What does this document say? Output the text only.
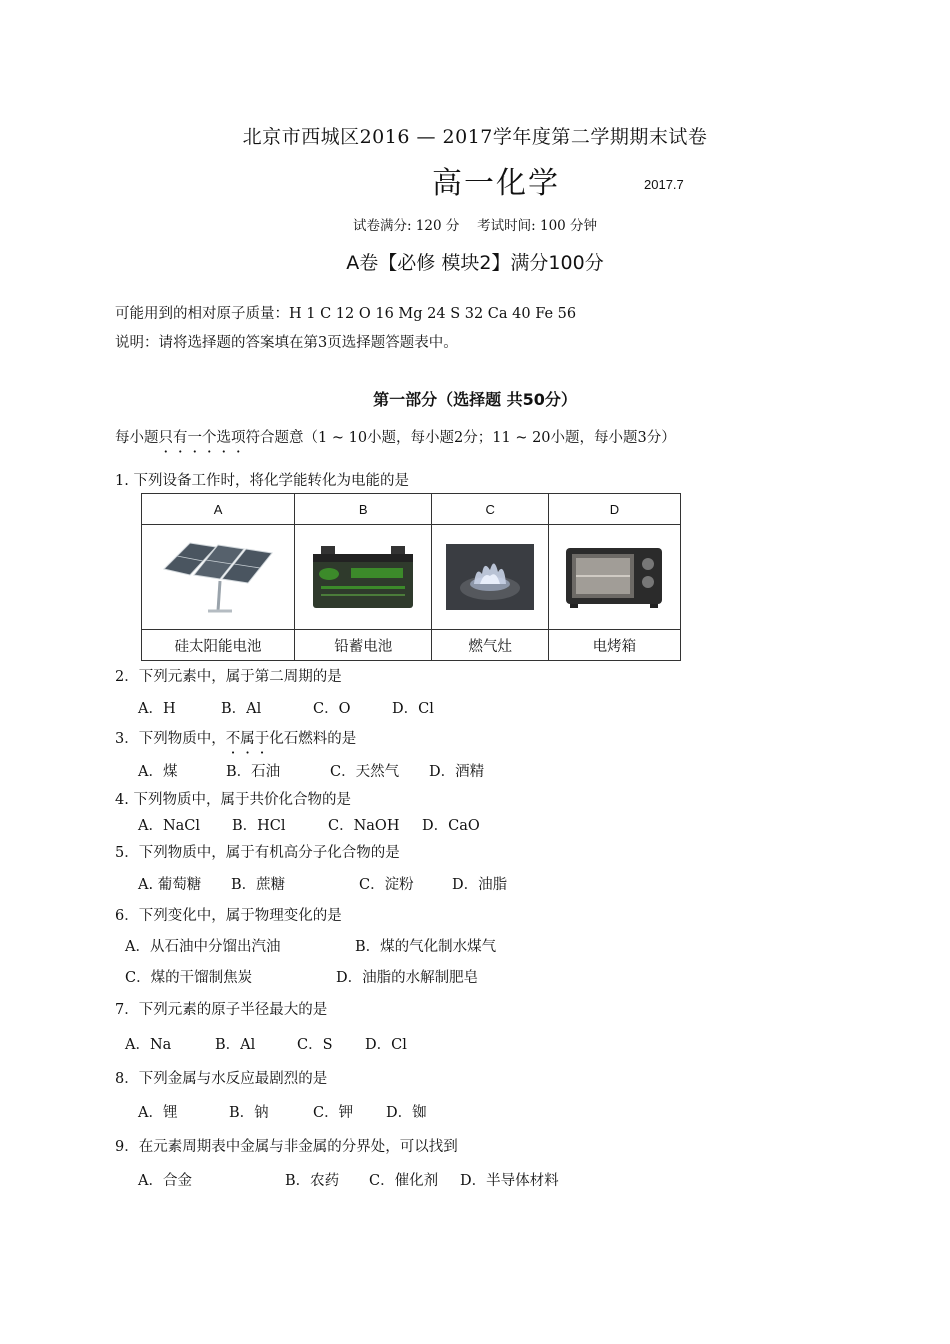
北京市西城区2016 — 2017学年度第二学期期末试卷
高一化学	2017.7
试卷满分: 120 分　 考试时间: 100 分钟
A卷【必修 模块2】满分100分
可能用到的相对原子质量：H 1 C 12 O 16 Mg 24 S 32 Ca 40 Fe 56
说明：请将选择题的答案填在第3页选择题答题表中。
第一部分（选择题 共50分）
每小题只有一个选项符合题意（1 ~ 10小题，每小题2分；11 ~ 20小题，每小题3分）
1. 下列设备工作时，将化学能转化为电能的是
A	B	C	D

硅太阳能电池	铅蓄电池	燃气灶	电烤箱
2．下列元素中，属于第二周期的是
A．H	B．Al	C．O	D．Cl
3．下列物质中，不属于化石燃料的是
A．煤	B．石油	C．天然气 D．酒精
4. 下列物质中，属于共价化合物的是
A．NaCl B．HCl	C．NaOH D．CaO
5．下列物质中，属于有机高分子化合物的是
A. 葡萄糖 B．蔗糖	C．淀粉	D．油脂
6．下列变化中，属于物理变化的是
A．从石油中分馏出汽油	B．煤的气化制水煤气
C．煤的干馏制焦炭	D．油脂的水解制肥皂
7．下列元素的原子半径最大的是
A．Na	B．Al	C．S D．Cl
8．下列金属与水反应最剧烈的是
A．锂	B．钠	C．钾 D．铷
9．在元素周期表中金属与非金属的分界处，可以找到
A．合金	B．农药 C．催化剂 D．半导体材料
